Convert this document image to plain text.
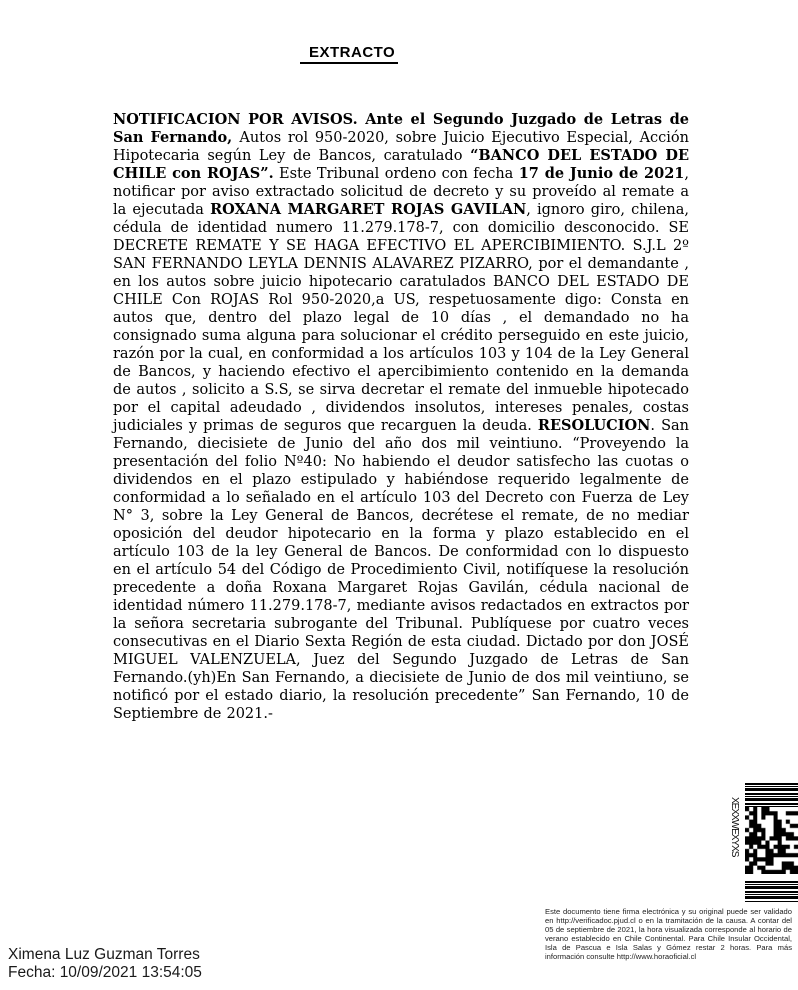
EXTRACTO
NOTIFICACION POR AVISOS. Ante el Segundo Juzgado de Letras de San Fernando, Autos rol 950-2020, sobre Juicio Ejecutivo Especial, Acción Hipotecaria según Ley de Bancos, caratulado “BANCO DEL ESTADO DE CHILE con ROJAS”. Este Tribunal ordeno con fecha 17 de Junio de 2021, notificar por aviso extractado solicitud de decreto y su proveído al remate a la ejecutada ROXANA MARGARET ROJAS GAVILAN, ignoro giro, chilena, cédula de identidad numero 11.279.178-7, con domicilio desconocido. SE DECRETE REMATE Y SE HAGA EFECTIVO EL APERCIBIMIENTO. S.J.L 2º SAN FERNANDO LEYLA DENNIS ALAVAREZ PIZARRO, por el demandante , en los autos sobre juicio hipotecario caratulados BANCO DEL ESTADO DE CHILE Con ROJAS Rol 950-2020,a US, respetuosamente digo: Consta en autos que, dentro del plazo legal de 10 días , el demandado no ha consignado suma alguna para solucionar el crédito perseguido en este juicio, razón por la cual, en conformidad a los artículos 103 y 104 de la Ley General de Bancos, y haciendo efectivo el apercibimiento contenido en la demanda de autos , solicito a S.S, se sirva decretar el remate del inmueble hipotecado por el capital adeudado , dividendos insolutos, intereses penales, costas judiciales y primas de seguros que recarguen la deuda. RESOLUCION. San Fernando, diecisiete de Junio del año dos mil veintiuno. “Proveyendo la presentación del folio Nº40: No habiendo el deudor satisfecho las cuotas o dividendos en el plazo estipulado y habiéndose requerido legalmente de conformidad a lo señalado en el artículo 103 del Decreto con Fuerza de Ley N° 3, sobre la Ley General de Bancos, decrétese el remate, de no mediar oposición del deudor hipotecario en la forma y plazo establecido en el artículo 103 de la ley General de Bancos. De conformidad con lo dispuesto en el artículo 54 del Código de Procedimiento Civil, notifíquese la resolución precedente a doña Roxana Margaret Rojas Gavilán, cédula nacional de identidad número 11.279.178-7, mediante avisos redactados en extractos por la señora secretaria subrogante del Tribunal. Publíquese por cuatro veces consecutivas en el Diario Sexta Región de esta ciudad. Dictado por don JOSÉ MIGUEL VALENZUELA, Juez del Segundo Juzgado de Letras de San Fernando.(yh)En San Fernando, a diecisiete de Junio de dos mil veintiuno, se notificó por el estado diario, la resolución precedente” San Fernando, 10 de Septiembre de 2021.-
XEXXWEXYXS
Este documento tiene firma electrónica y su original puede ser validado en http://verificadoc.pjud.cl o en la tramitación de la causa. A contar del 05 de septiembre de 2021, la hora visualizada corresponde al horario de verano establecido en Chile Continental. Para Chile Insular Occidental, Isla de Pascua e Isla Salas y Gómez restar 2 horas. Para más información consulte http://www.horaoficial.cl
Ximena Luz Guzman Torres
Fecha: 10/09/2021 13:54:05
